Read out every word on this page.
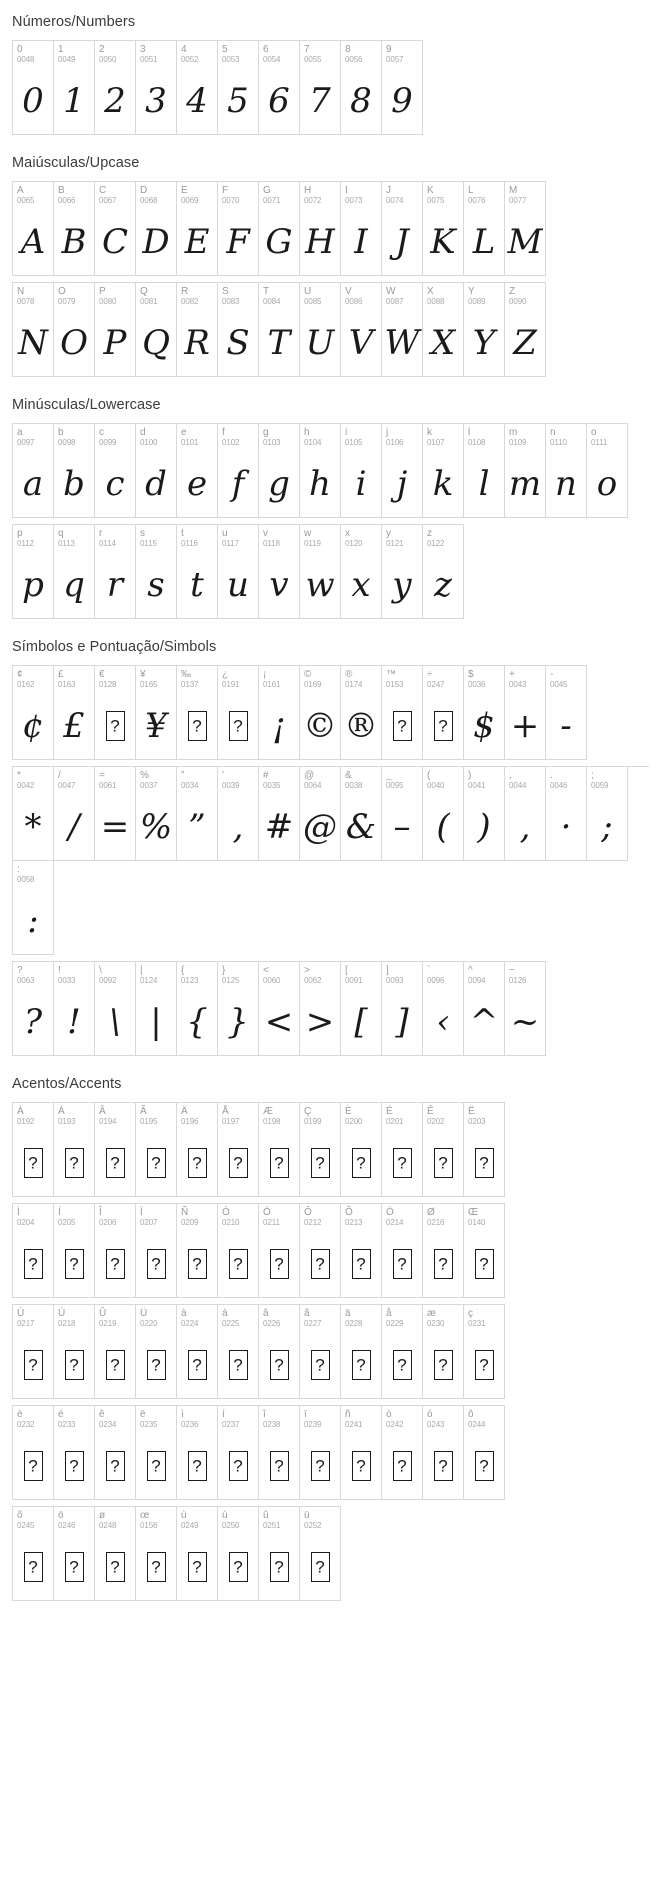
Números/Numbers
0
0048
0
1
0049
1
2
0050
2
3
0051
3
4
0052
4
5
0053
5
6
0054
6
7
0055
7
8
0056
8
9
0057
9
Maiúsculas/Upcase
A
0065
A
B
0066
B
C
0067
C
D
0068
D
E
0069
E
F
0070
F
G
0071
G
H
0072
H
I
0073
I
J
0074
J
K
0075
K
L
0076
L
M
0077
M
N
0078
N
O
0079
O
P
0080
P
Q
0081
Q
R
0082
R
S
0083
S
T
0084
T
U
0085
U
V
0086
V
W
0087
W
X
0088
X
Y
0089
Y
Z
0090
Z
Minúsculas/Lowercase
a
0097
a
b
0098
b
c
0099
c
d
0100
d
e
0101
e
f
0102
f
g
0103
g
h
0104
h
i
0105
i
j
0106
j
k
0107
k
l
0108
l
m
0109
m
n
0110
n
o
0111
o
p
0112
p
q
0113
q
r
0114
r
s
0115
s
t
0116
t
u
0117
u
v
0118
v
w
0119
w
x
0120
x
y
0121
y
z
0122
z
Símbolos e Pontuação/Simbols
¢
0162
¢
£
0163
£
€
0128
?
¥
0165
¥
‰
0137
?
¿
0191
?
¡
0161
¡
©
0169
©
®
0174
®
™
0153
?
÷
0247
?
$
0036
$
+
0043
+
-
0045
-
*
0042
*
/
0047
/
=
0061
=
%
0037
%
"
0034
”
'
0039
,
#
0035
#
@
0064
@
&
0038
&
_
0095
–
(
0040
(
)
0041
)
,
0044
,
.
0046
·
;
0059
;
:
0058
:
?
0063
?
!
0033
!
\
0092
\
|
0124
|
{
0123
{
}
0125
}
<
0060
<
>
0062
>
[
0091
[
]
0093
]
`
0096
‹
^
0094
^
~
0126
~
Acentos/Accents
À
0192
?
Á
0193
?
Â
0194
?
Ã
0195
?
Ä
0196
?
Å
0197
?
Æ
0198
?
Ç
0199
?
È
0200
?
É
0201
?
Ê
0202
?
Ë
0203
?
Ì
0204
?
Í
0205
?
Î
0206
?
Ï
0207
?
Ñ
0209
?
Ò
0210
?
Ó
0211
?
Ô
0212
?
Õ
0213
?
Ö
0214
?
Ø
0216
?
Œ
0140
?
Ù
0217
?
Ú
0218
?
Û
0219
?
Ü
0220
?
à
0224
?
á
0225
?
â
0226
?
ã
0227
?
ä
0228
?
å
0229
?
æ
0230
?
ç
0231
?
è
0232
?
é
0233
?
ê
0234
?
ë
0235
?
ì
0236
?
í
0237
?
î
0238
?
ï
0239
?
ñ
0241
?
ò
0242
?
ó
0243
?
ô
0244
?
õ
0245
?
ö
0246
?
ø
0248
?
œ
0156
?
ù
0249
?
ú
0250
?
û
0251
?
ü
0252
?
